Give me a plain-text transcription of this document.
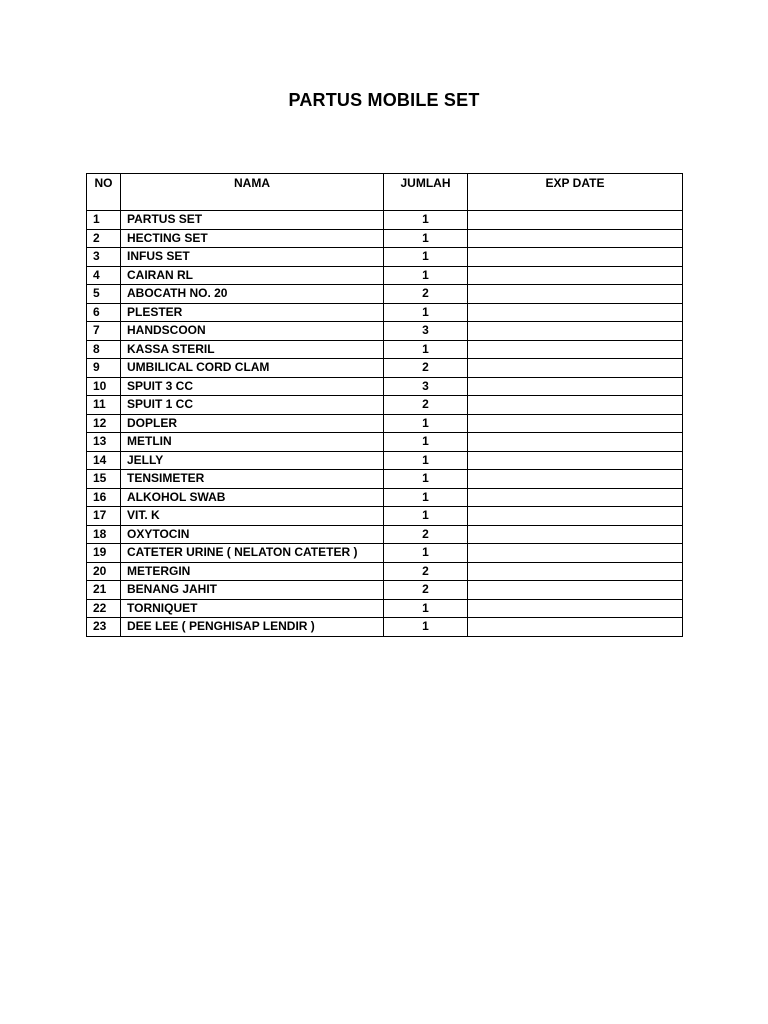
PARTUS MOBILE SET
NO	NAMA	JUMLAH	EXP DATE
1	PARTUS SET	1	
2	HECTING SET	1	
3	INFUS SET	1	
4	CAIRAN RL	1	
5	ABOCATH NO. 20	2	
6	PLESTER	1	
7	HANDSCOON	3	
8	KASSA STERIL	1	
9	UMBILICAL CORD CLAM	2	
10	SPUIT 3 CC	3	
11	SPUIT 1 CC	2	
12	DOPLER	1	
13	METLIN	1	
14	JELLY	1	
15	TENSIMETER	1	
16	ALKOHOL SWAB	1	
17	VIT. K	1	
18	OXYTOCIN	2	
19	CATETER URINE ( NELATON CATETER )	1	
20	METERGIN	2	
21	BENANG JAHIT	2	
22	TORNIQUET	1	
23	DEE LEE ( PENGHISAP LENDIR )	1	
